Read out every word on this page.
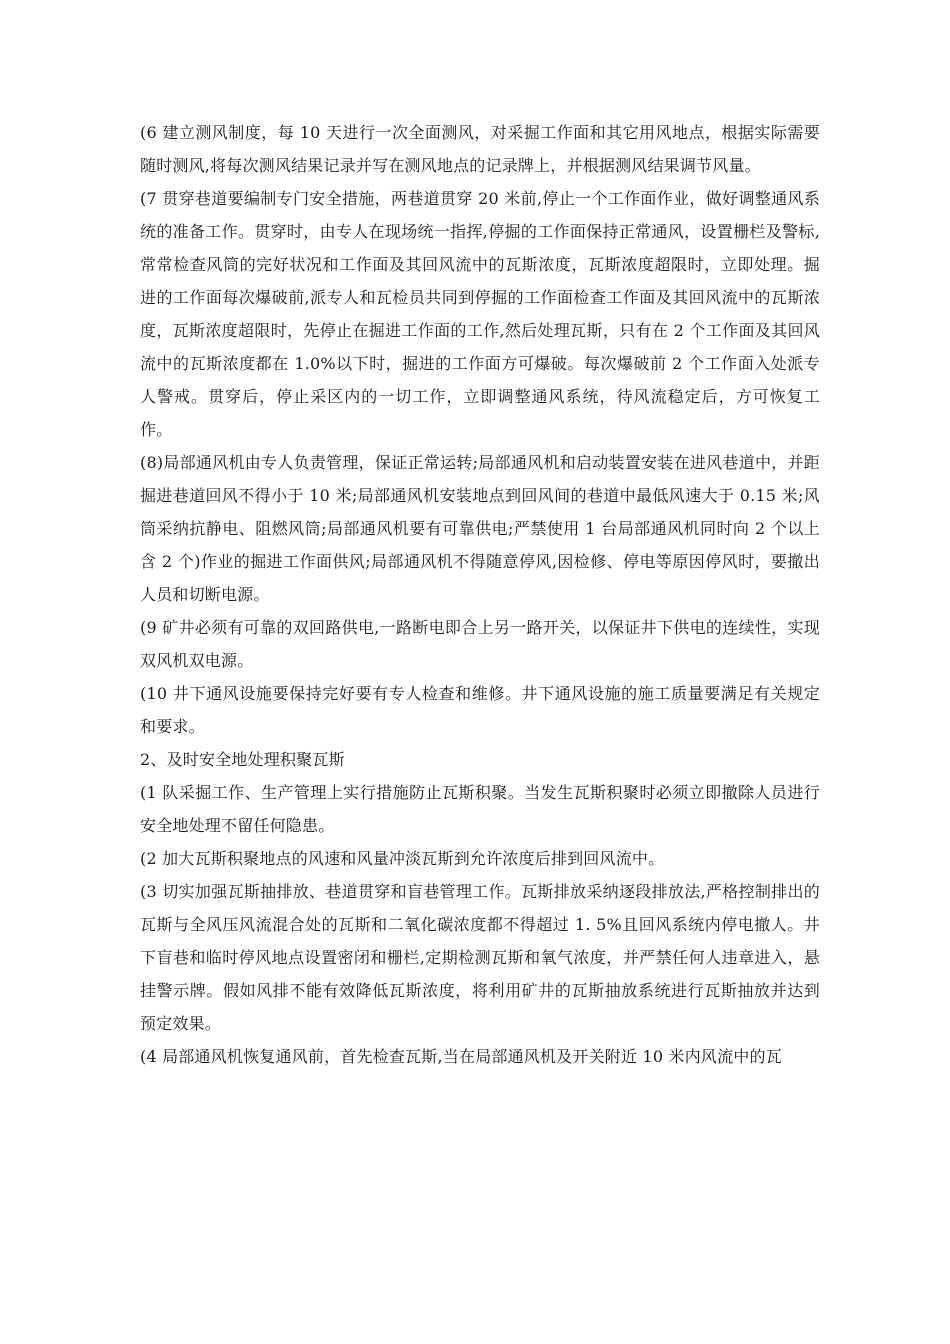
(6 建立测风制度，每 10 天进行一次全面测风，对采掘工作面和其它用风地点，根据实际需要随时测风,将每次测风结果记录并写在测风地点的记录牌上，并根据测风结果调节风量。

(7 贯穿巷道要编制专门安全措施，两巷道贯穿 20 米前,停止一个工作面作业，做好调整通风系统的准备工作。贯穿时，由专人在现场统一指挥,停掘的工作面保持正常通风，设置栅栏及警标,常常检查风筒的完好状况和工作面及其回风流中的瓦斯浓度，瓦斯浓度超限时，立即处理。掘进的工作面每次爆破前,派专人和瓦检员共同到停掘的工作面检查工作面及其回风流中的瓦斯浓度，瓦斯浓度超限时，先停止在掘进工作面的工作,然后处理瓦斯，只有在 2 个工作面及其回风流中的瓦斯浓度都在 1.0%以下时，掘进的工作面方可爆破。每次爆破前 2 个工作面入处派专人警戒。贯穿后，停止采区内的一切工作，立即调整通风系统，待风流稳定后，方可恢复工作。

(8)局部通风机由专人负责管理，保证正常运转;局部通风机和启动装置安装在进风巷道中，并距掘进巷道回风不得小于 10 米;局部通风机安装地点到回风间的巷道中最低风速大于 0.15 米;风筒采纳抗静电、阻燃风筒;局部通风机要有可靠供电;严禁使用 1 台局部通风机同时向 2 个以上含 2 个)作业的掘进工作面供风;局部通风机不得随意停风,因检修、停电等原因停风时，要撤出人员和切断电源。

(9 矿井必须有可靠的双回路供电,一路断电即合上另一路开关，以保证井下供电的连续性，实现双风机双电源。

(10 井下通风设施要保持完好要有专人检查和维修。井下通风设施的施工质量要满足有关规定和要求。

2、及时安全地处理积聚瓦斯

(1 队采掘工作、生产管理上实行措施防止瓦斯积聚。当发生瓦斯积聚时必须立即撤除人员进行安全地处理不留任何隐患。

(2 加大瓦斯积聚地点的风速和风量冲淡瓦斯到允许浓度后排到回风流中。

(3 切实加强瓦斯抽排放、巷道贯穿和盲巷管理工作。瓦斯排放采纳逐段排放法,严格控制排出的瓦斯与全风压风流混合处的瓦斯和二氧化碳浓度都不得超过 1. 5%且回风系统内停电撤人。井下盲巷和临时停风地点设置密闭和栅栏,定期检测瓦斯和氧气浓度，并严禁任何人违章进入，悬挂警示牌。假如风排不能有效降低瓦斯浓度，将利用矿井的瓦斯抽放系统进行瓦斯抽放并达到预定效果。

(4 局部通风机恢复通风前，首先检查瓦斯,当在局部通风机及开关附近 10 米内风流中的瓦
